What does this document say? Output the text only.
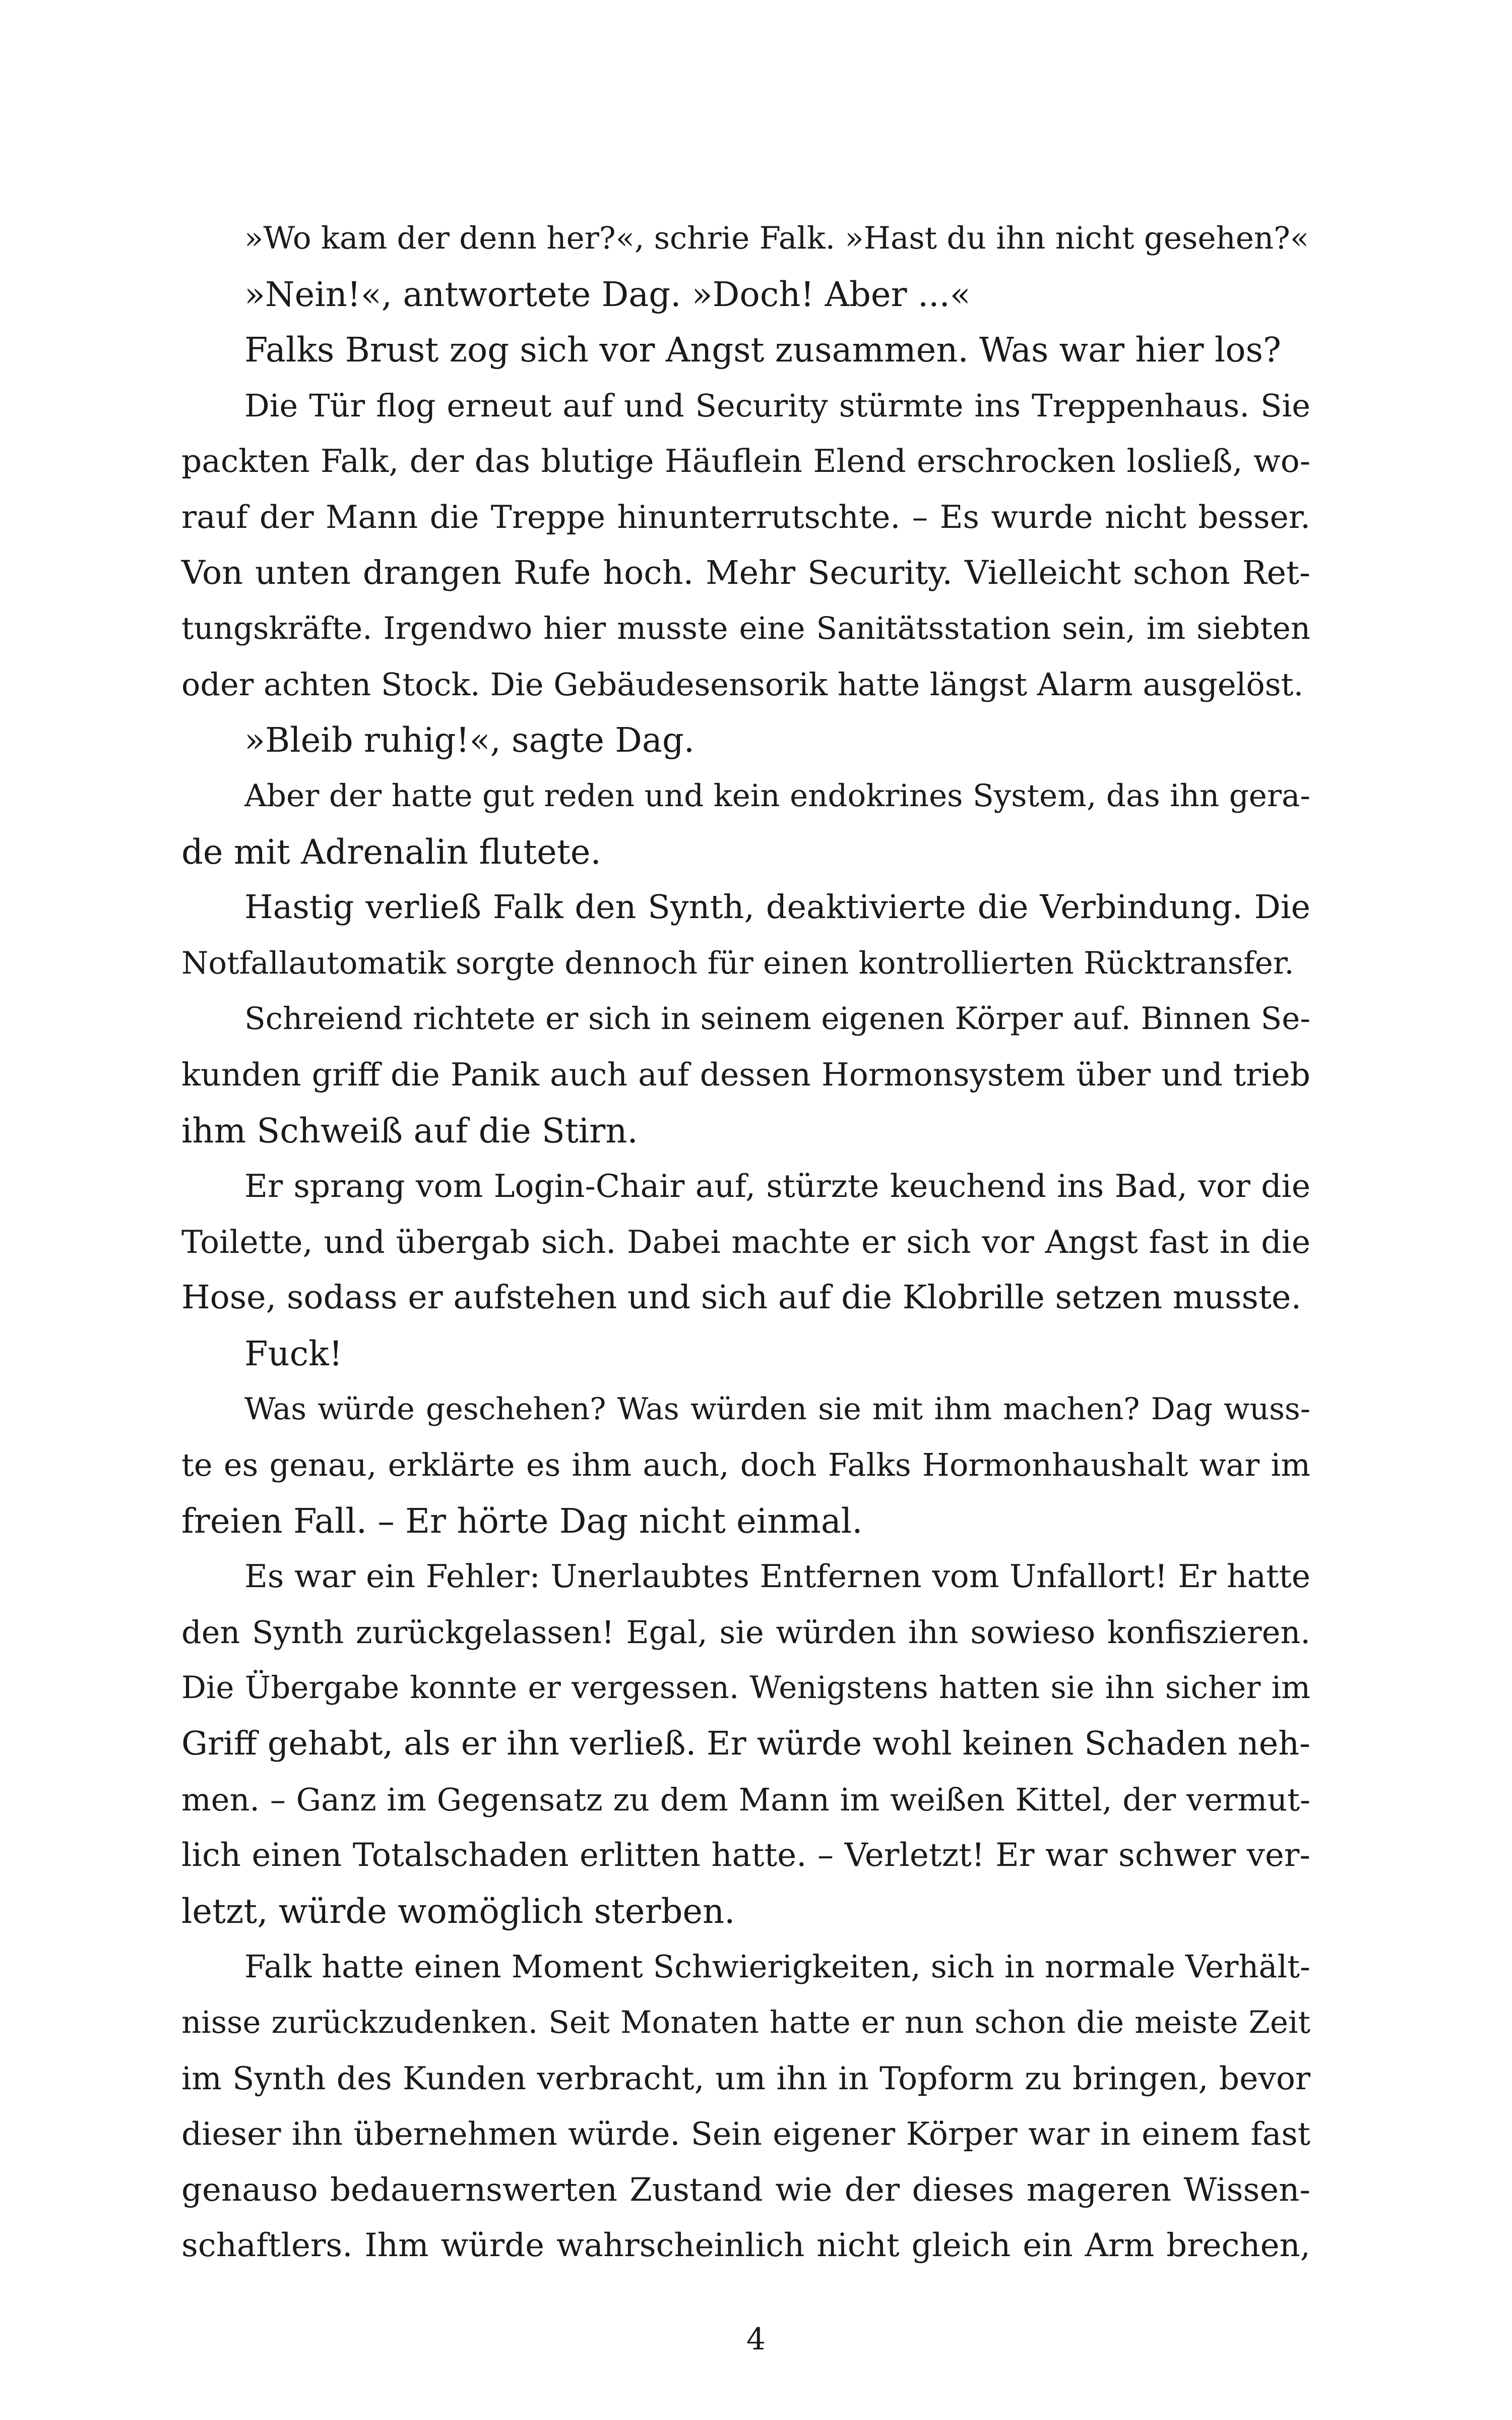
»Wo kam der denn her?«, schrie Falk. »Hast du ihn nicht gesehen?«
»Nein!«, antwortete Dag. »Doch! Aber ...«
Falks Brust zog sich vor Angst zusammen. Was war hier los?
Die Tür flog erneut auf und Security stürmte ins Treppenhaus. Sie
packten Falk, der das blutige Häuflein Elend erschrocken losließ, wo-
rauf der Mann die Treppe hinunterrutschte. – Es wurde nicht besser.
Von unten drangen Rufe hoch. Mehr Security. Vielleicht schon Ret-
tungskräfte. Irgendwo hier musste eine Sanitätsstation sein, im siebten
oder achten Stock. Die Gebäudesensorik hatte längst Alarm ausgelöst.
»Bleib ruhig!«, sagte Dag.
Aber der hatte gut reden und kein endokrines System, das ihn gera-
de mit Adrenalin flutete.
Hastig verließ Falk den Synth, deaktivierte die Verbindung. Die
Notfallautomatik sorgte dennoch für einen kontrollierten Rücktransfer.
Schreiend richtete er sich in seinem eigenen Körper auf. Binnen Se-
kunden griff die Panik auch auf dessen Hormonsystem über und trieb
ihm Schweiß auf die Stirn.
Er sprang vom Login-Chair auf, stürzte keuchend ins Bad, vor die
Toilette, und übergab sich. Dabei machte er sich vor Angst fast in die
Hose, sodass er aufstehen und sich auf die Klobrille setzen musste.
Fuck!
Was würde geschehen? Was würden sie mit ihm machen? Dag wuss-
te es genau, erklärte es ihm auch, doch Falks Hormonhaushalt war im
freien Fall. – Er hörte Dag nicht einmal.
Es war ein Fehler: Unerlaubtes Entfernen vom Unfallort! Er hatte
den Synth zurückgelassen! Egal, sie würden ihn sowieso konfiszieren.
Die Übergabe konnte er vergessen. Wenigstens hatten sie ihn sicher im
Griff gehabt, als er ihn verließ. Er würde wohl keinen Schaden neh-
men. – Ganz im Gegensatz zu dem Mann im weißen Kittel, der vermut-
lich einen Totalschaden erlitten hatte. – Verletzt! Er war schwer ver-
letzt, würde womöglich sterben.
Falk hatte einen Moment Schwierigkeiten, sich in normale Verhält-
nisse zurückzudenken. Seit Monaten hatte er nun schon die meiste Zeit
im Synth des Kunden verbracht, um ihn in Topform zu bringen, bevor
dieser ihn übernehmen würde. Sein eigener Körper war in einem fast
genauso bedauernswerten Zustand wie der dieses mageren Wissen-
schaftlers. Ihm würde wahrscheinlich nicht gleich ein Arm brechen,
4
